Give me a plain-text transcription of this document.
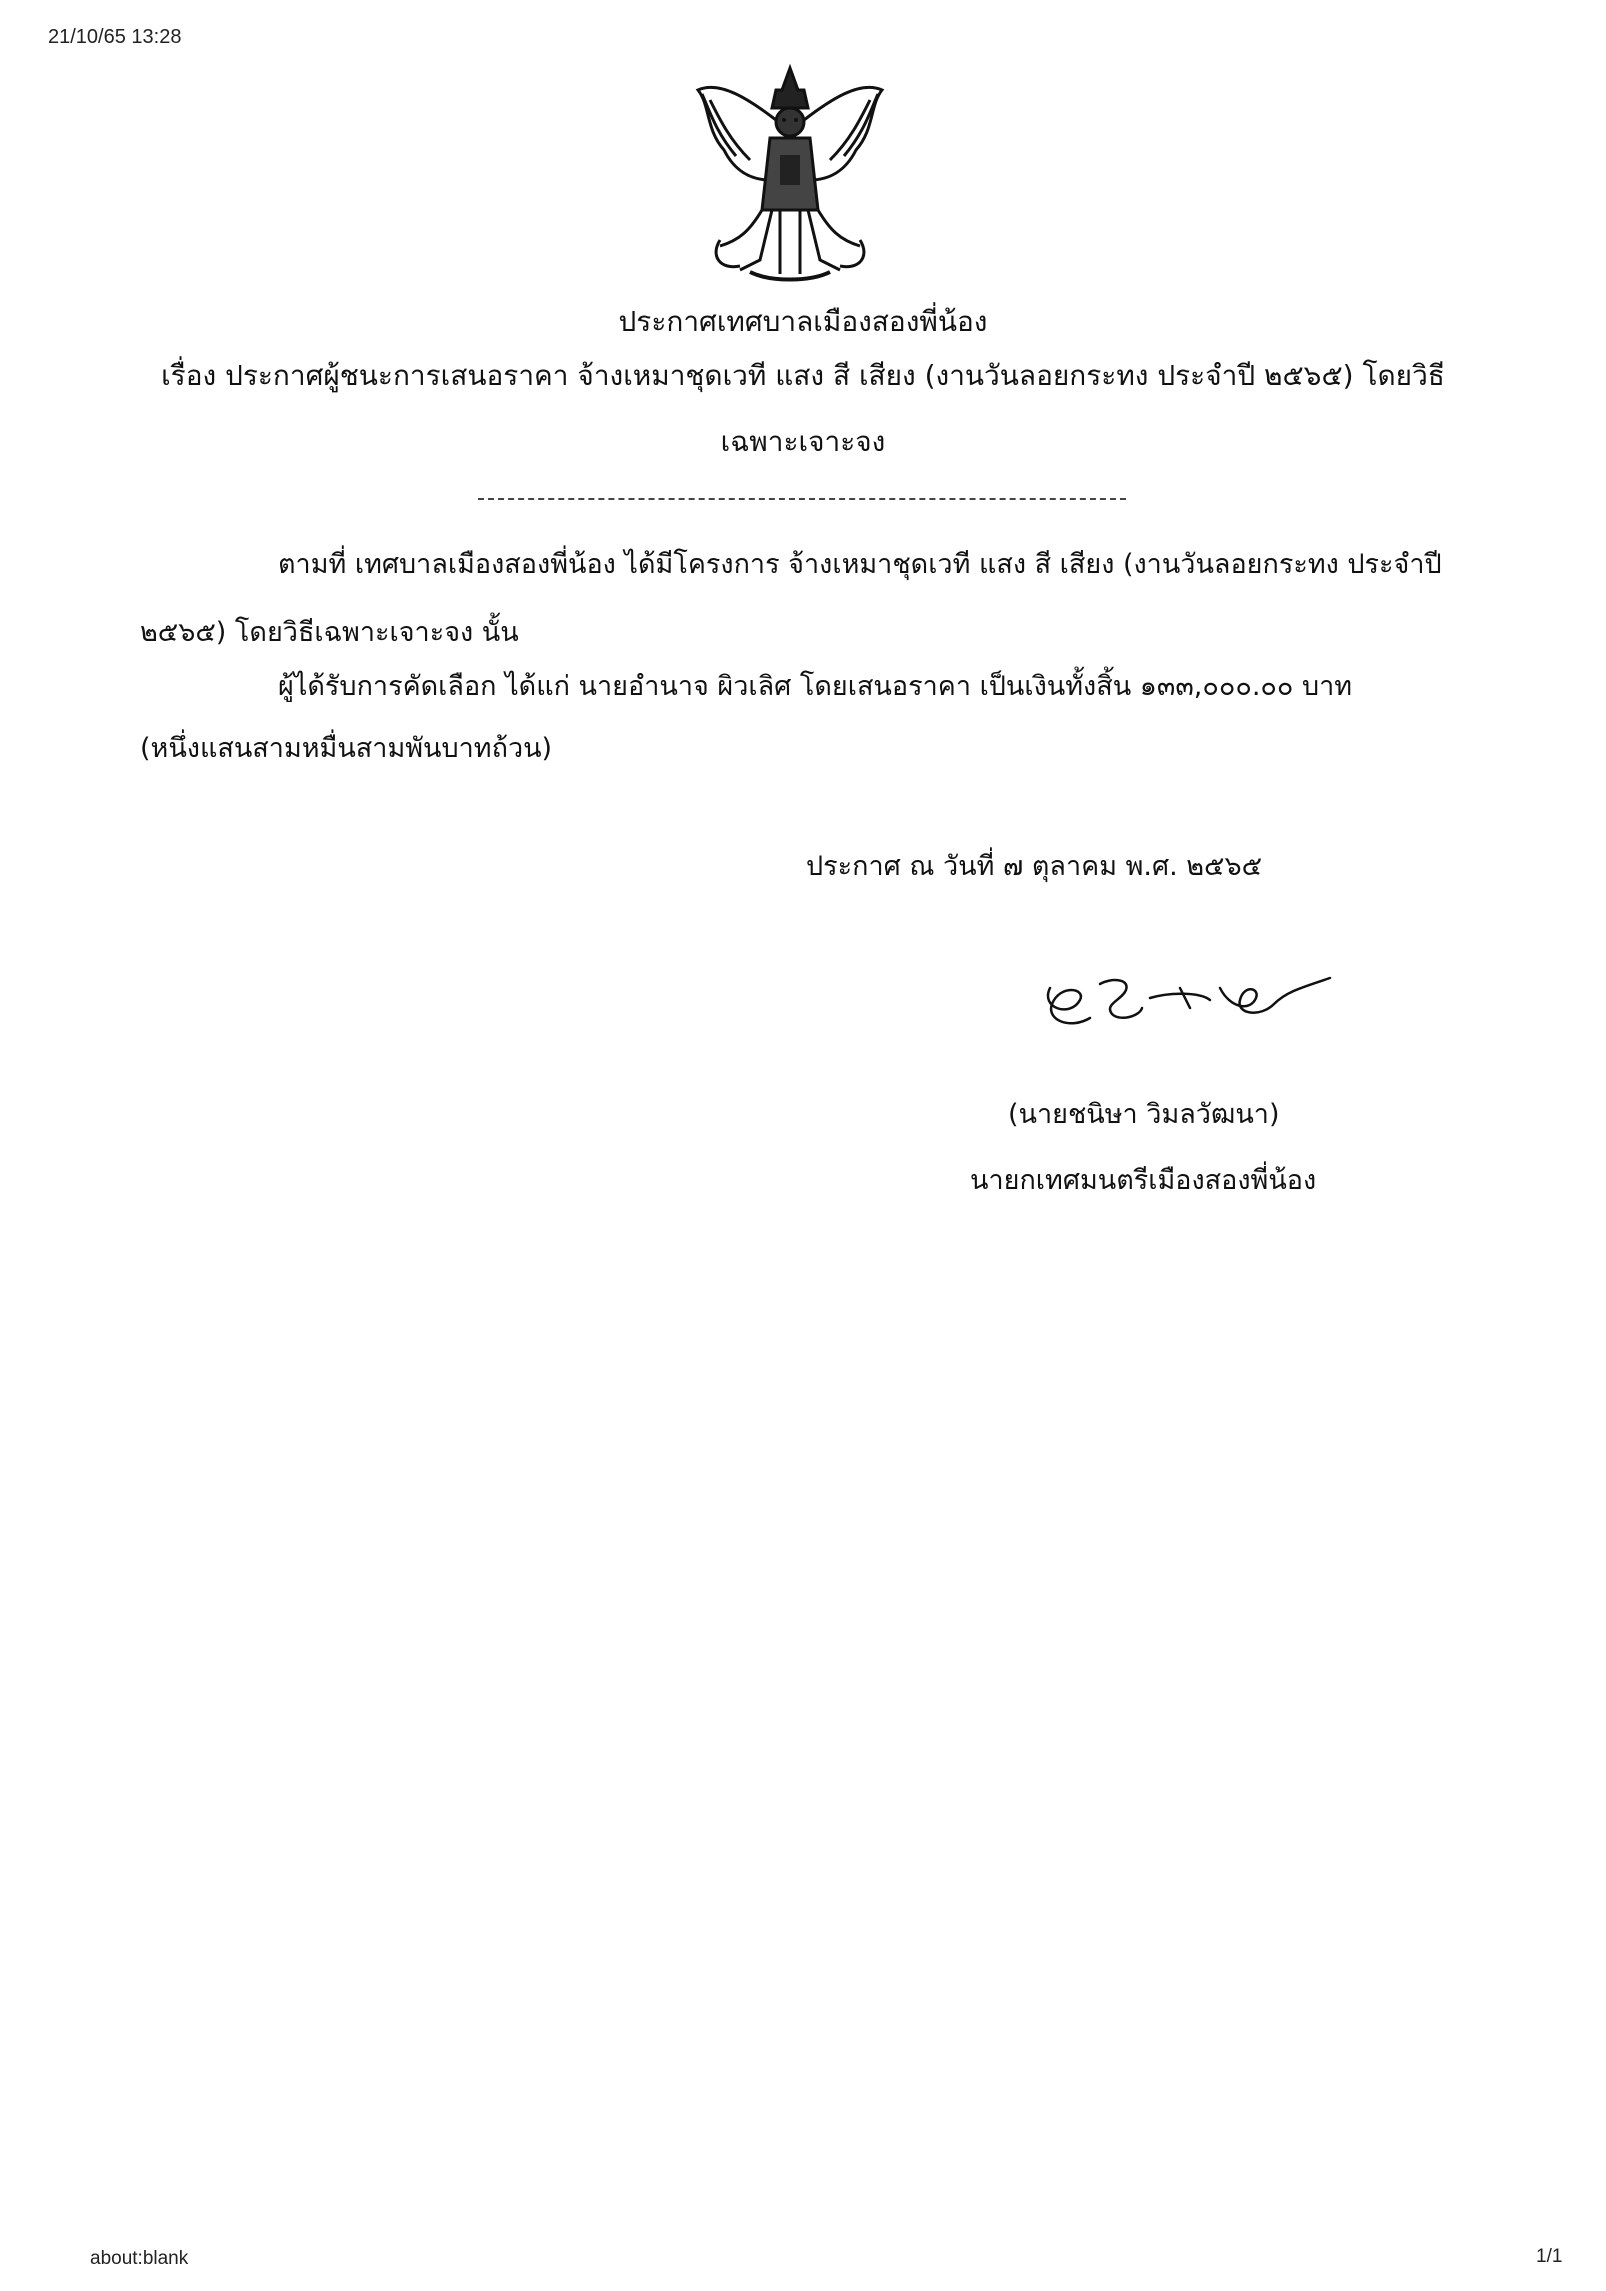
21/10/65 13:28
ประกาศเทศบาลเมืองสองพี่น้อง
เรื่อง ประกาศผู้ชนะการเสนอราคา จ้างเหมาชุดเวที แสง สี เสียง (งานวันลอยกระทง ประจำปี ๒๕๖๕) โดยวิธี
เฉพาะเจาะจง
ตามที่ เทศบาลเมืองสองพี่น้อง ได้มีโครงการ จ้างเหมาชุดเวที แสง สี เสียง (งานวันลอยกระทง ประจำปี
๒๕๖๕) โดยวิธีเฉพาะเจาะจง นั้น
ผู้ได้รับการคัดเลือก ได้แก่ นายอำนาจ ผิวเลิศ โดยเสนอราคา เป็นเงินทั้งสิ้น ๑๓๓,๐๐๐.๐๐ บาท
(หนึ่งแสนสามหมื่นสามพันบาทถ้วน)
ประกาศ ณ วันที่ ๗ ตุลาคม พ.ศ. ๒๕๖๕
(นายชนิษา วิมลวัฒนา)
นายกเทศมนตรีเมืองสองพี่น้อง
about:blank	1/1
